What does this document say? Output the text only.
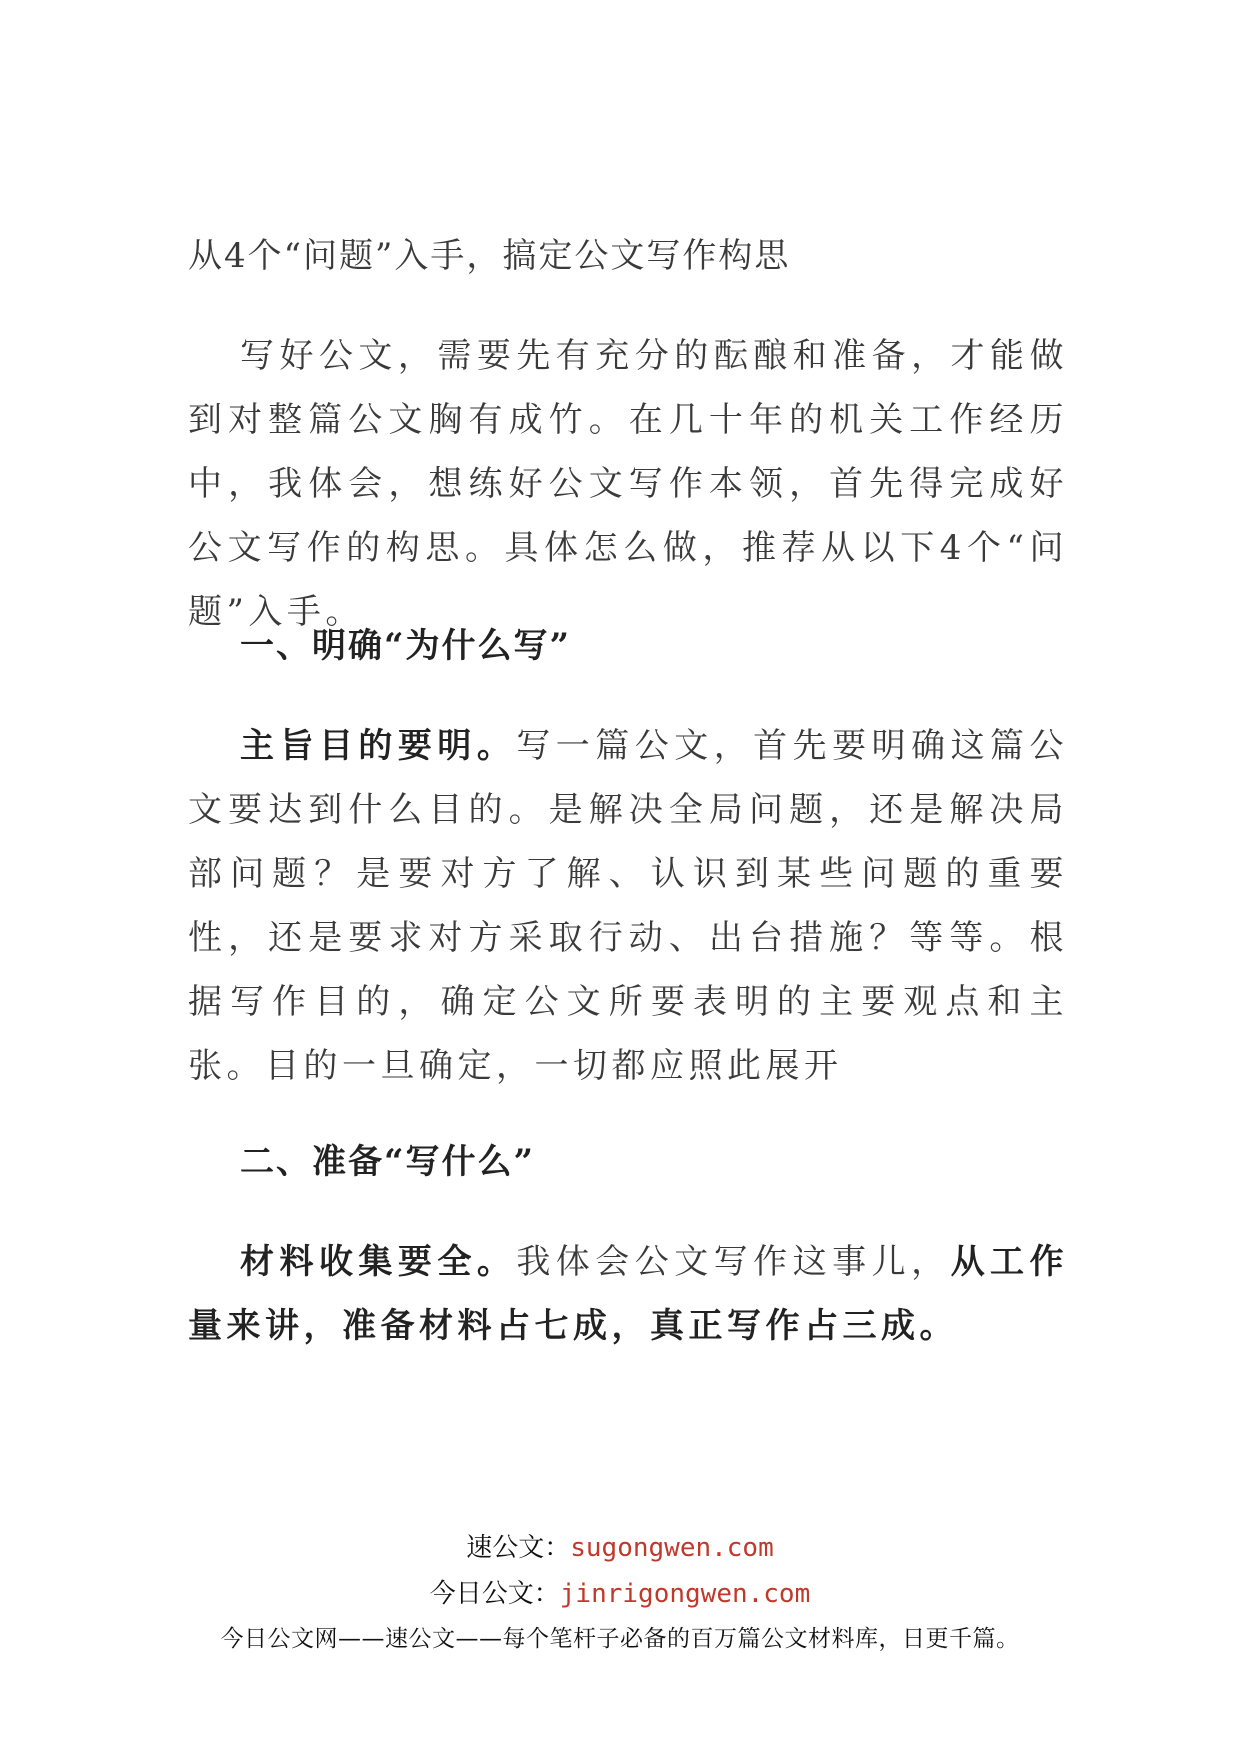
从4个“问题”入手，搞定公文写作构思

写好公文，需要先有充分的酝酿和准备，才能做到对整篇公文胸有成竹。在几十年的机关工作经历中，我体会，想练好公文写作本领，首先得完成好公文写作的构思。具体怎么做，推荐从以下4个“问题”入手。

一、明确“为什么写”

主旨目的要明。写一篇公文，首先要明确这篇公文要达到什么目的。是解决全局问题，还是解决局部问题？是要对方了解、认识到某些问题的重要性，还是要求对方采取行动、出台措施？等等。根据写作目的，确定公文所要表明的主要观点和主张。目的一旦确定，一切都应照此展开

二、准备“写什么”

材料收集要全。我体会公文写作这事儿，从工作量来讲，准备材料占七成，真正写作占三成。

速公文：sugongwen.com
今日公文：jinrigongwen.com
今日公文网——速公文——每个笔杆子必备的百万篇公文材料库，日更千篇。
